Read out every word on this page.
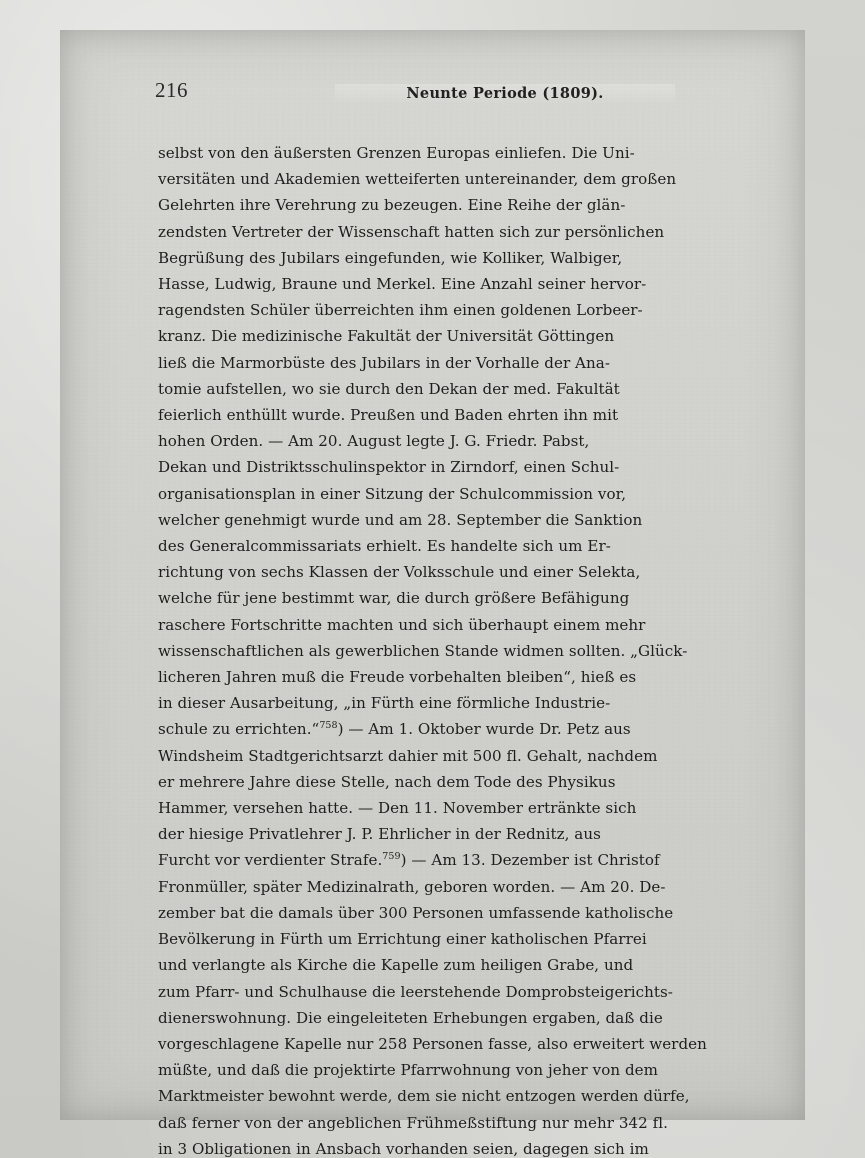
216	Neunte Periode (1809).

selbst von den äußersten Grenzen Europas einliefen. Die Uni-
versitäten und Akademien wetteiferten untereinander, dem großen
Gelehrten ihre Verehrung zu bezeugen. Eine Reihe der glän-
zendsten Vertreter der Wissenschaft hatten sich zur persönlichen
Begrüßung des Jubilars eingefunden, wie Kolliker, Walbiger,
Hasse, Ludwig, Braune und Merkel. Eine Anzahl seiner hervor-
ragendsten Schüler überreichten ihm einen goldenen Lorbeer-
kranz. Die medizinische Fakultät der Universität Göttingen
ließ die Marmorbüste des Jubilars in der Vorhalle der Ana-
tomie aufstellen, wo sie durch den Dekan der med. Fakultät
feierlich enthüllt wurde. Preußen und Baden ehrten ihn mit
hohen Orden. — Am 20. August legte J. G. Friedr. Pabst,
Dekan und Distriktsschulinspektor in Zirndorf, einen Schul-
organisationsplan in einer Sitzung der Schulcommission vor,
welcher genehmigt wurde und am 28. September die Sanktion
des Generalcommissariats erhielt. Es handelte sich um Er-
richtung von sechs Klassen der Volksschule und einer Selekta,
welche für jene bestimmt war, die durch größere Befähigung
raschere Fortschritte machten und sich überhaupt einem mehr
wissenschaftlichen als gewerblichen Stande widmen sollten. „Glück-
licheren Jahren muß die Freude vorbehalten bleiben“, hieß es
in dieser Ausarbeitung, „in Fürth eine förmliche Industrie-
schule zu errichten.“$^{758}$) — Am 1. Oktober wurde Dr. Petz aus
Windsheim Stadtgerichtsarzt dahier mit 500 fl. Gehalt, nachdem
er mehrere Jahre diese Stelle, nach dem Tode des Physikus
Hammer, versehen hatte. — Den 11. November ertränkte sich
der hiesige Privatlehrer J. P. Ehrlicher in der Rednitz, aus
Furcht vor verdienter Strafe.$^{759}$) — Am 13. Dezember ist Christof
Fronmüller, später Medizinalrath, geboren worden. — Am 20. De-
zember bat die damals über 300 Personen umfassende katholische
Bevölkerung in Fürth um Errichtung einer katholischen Pfarrei
und verlangte als Kirche die Kapelle zum heiligen Grabe, und
zum Pfarr- und Schulhause die leerstehende Domprobsteigerichts-
dienerswohnung. Die eingeleiteten Erhebungen ergaben, daß die
vorgeschlagene Kapelle nur 258 Personen fasse, also erweitert werden
müßte, und daß die projektirte Pfarrwohnung von jeher von dem
Marktmeister bewohnt werde, dem sie nicht entzogen werden dürfe,
daß ferner von der angeblichen Frühmeßstiftung nur mehr 342 fl.
in 3 Obligationen in Ansbach vorhanden seien, dagegen sich im
